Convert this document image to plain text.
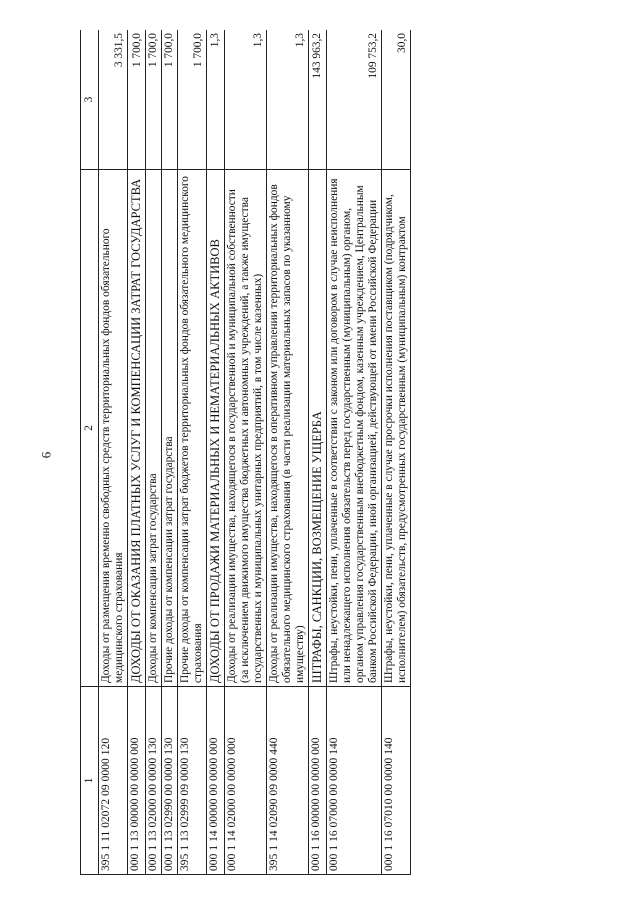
6
1	2	3
395 1 11 02072 09 0000 120	Доходы от размещения временно свободных средств территориальных фондов обязательного медицинского страхования	3 331,5
000 1 13 00000 00 0000 000	ДОХОДЫ ОТ ОКАЗАНИЯ ПЛАТНЫХ УСЛУГ И КОМПЕНСАЦИИ ЗАТРАТ ГОСУДАРСТВА	1 700,0
000 1 13 02000 00 0000 130	Доходы от компенсации затрат государства	1 700,0
000 1 13 02990 00 0000 130	Прочие доходы от компенсации затрат государства	1 700,0
395 1 13 02999 09 0000 130	Прочие доходы от компенсации затрат бюджетов территориальных фондов обязательного медицинского страхования	1 700,0
000 1 14 00000 00 0000 000	ДОХОДЫ ОТ ПРОДАЖИ МАТЕРИАЛЬНЫХ И НЕМАТЕРИАЛЬНЫХ АКТИВОВ	1,3
000 1 14 02000 00 0000 000	Доходы от реализации имущества, находящегося в государственной и муниципальной собственности (за исключением движимого имущества бюджетных и автономных учреждений, а также имущества государственных и муниципальных унитарных предприятий, в том числе казенных)	1,3
395 1 14 02090 09 0000 440	Доходы от реализации имущества, находящегося в оперативном управлении территориальных фондов обязательного медицинского страхования (в части реализации материальных запасов по указанному имуществу)	1,3
000 1 16 00000 00 0000 000	ШТРАФЫ, САНКЦИИ, ВОЗМЕЩЕНИЕ УЩЕРБА	143 963,2
000 1 16 07000 00 0000 140	Штрафы, неустойки, пени, уплаченные в соответствии с законом или договором в случае неисполнения или ненадлежащего исполнения обязательств перед государственным (муниципальным) органом, органом управления государственным внебюджетным фондом, казенным учреждением, Центральным банком Российской Федерации, иной организацией, действующей от имени Российской Федерации	109 753,2
000 1 16 07010 00 0000 140	Штрафы, неустойки, пени, уплаченные в случае просрочки исполнения поставщиком (подрядчиком, исполнителем) обязательств, предусмотренных государственным (муниципальным) контрактом	30,0
